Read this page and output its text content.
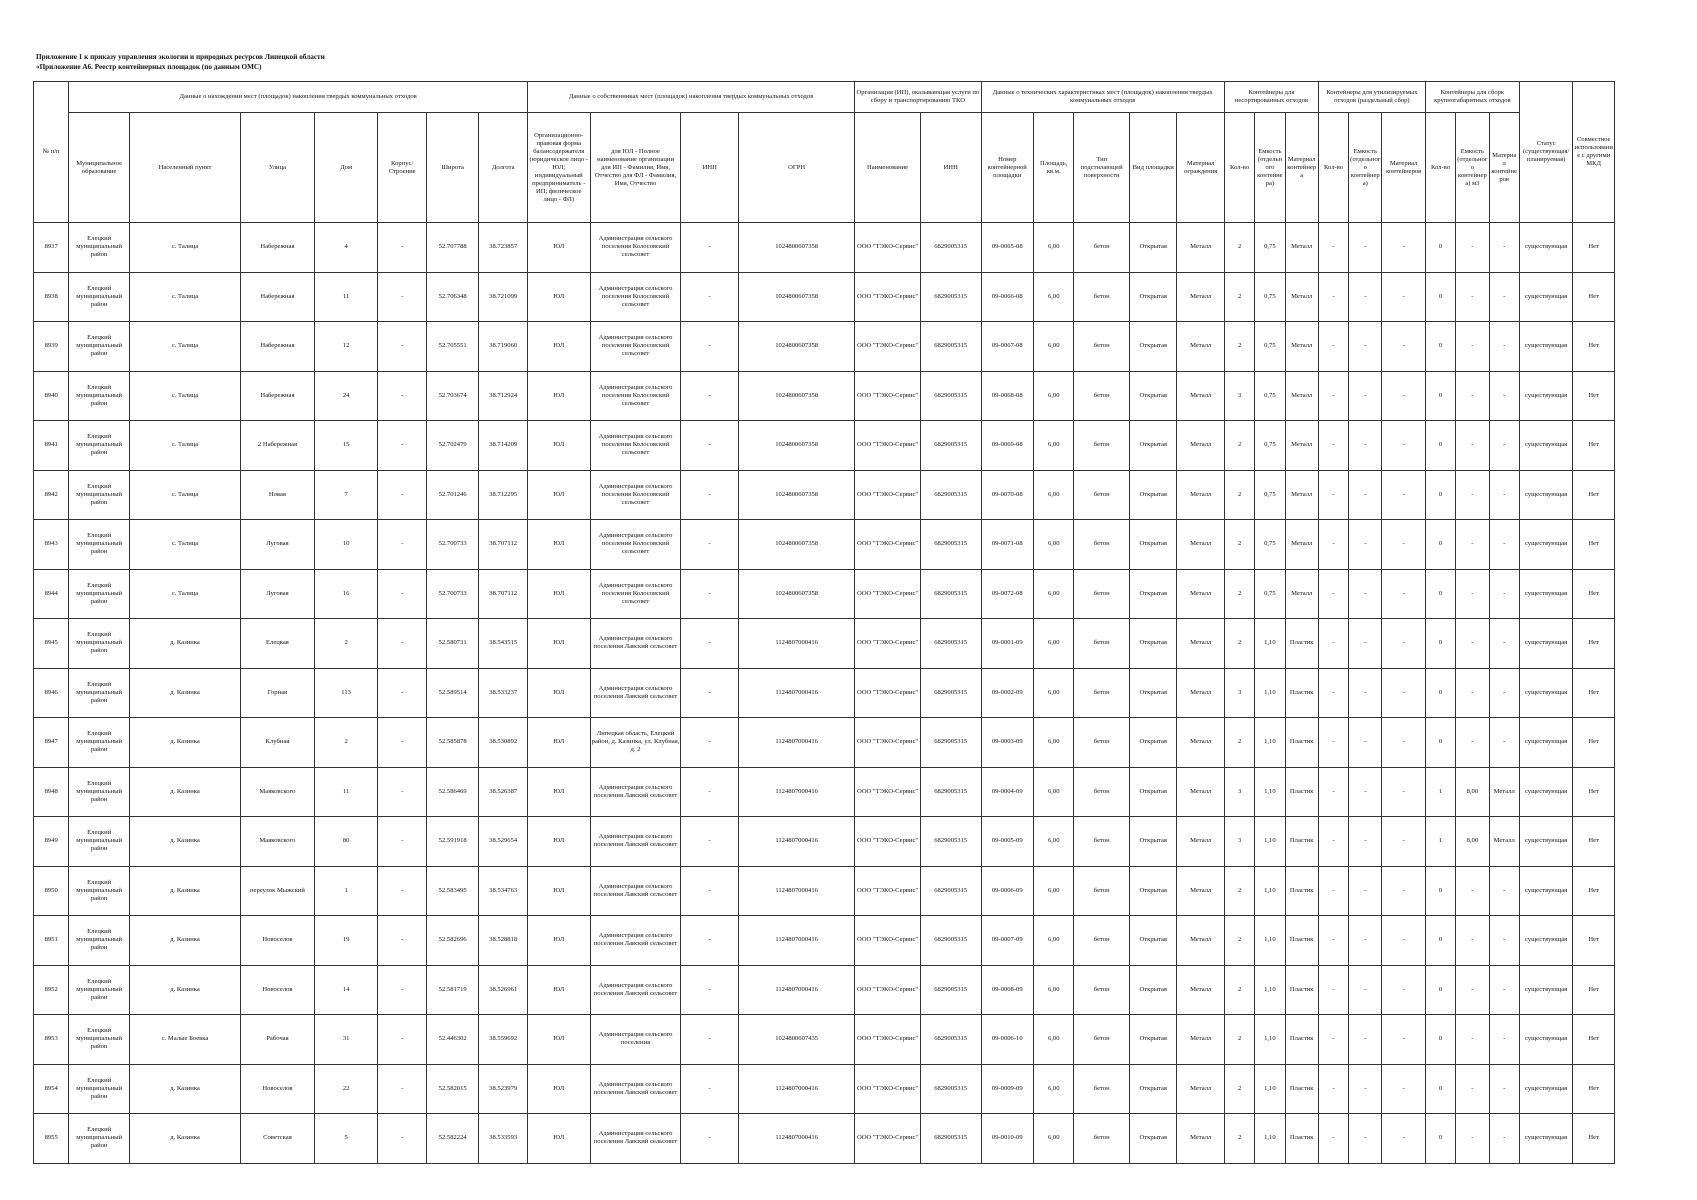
Приложение 1 к приказу управления экологии и природных ресурсов Липецкой области
«Приложение А6. Реестр контейнерных площадок (по данным ОМС)
№ п/п	Данные о нахождении мест (площадок) накопления твердых коммунальных отходов							Данные о собственниках мест (площадок) накопления твердых коммунальных отходов				Организация (ИП), оказывающая услуги по сбору и транспортированию ТКО		Данные о технических характеристиках мест (площадок) накопления твердых коммунальных отходов					Контейнеры для несортированных отходов			Контейнеры для утилизируемых отходов (раздельный сбор)			Контейнеры для сборк крупногабаритных отходов			Статус (существующая/ планируемая)	Совместное использование с другими МКД
	Муниципальное образование	Населенный пункт	Улица	Дом	Корпус/Строение	Широта	Долгота	Организационно-правовая форма балансодержателя (юридическое лицо - ЮЛ; индивидуальный предприниматель - ИП; физическое лицо - ФЛ)	для ЮЛ - Полное наименование организации для ИП - Фамилия, Имя, Отчество для ФЛ - Фамилия, Имя, Отчество	ИНН	ОГРН	Наименование	ИНН	Номер контейнерной площадки	Площадь, кв.м.	Тип подстилающей поверхности	Вид площадки	Материал ограждения	Кол-во	Емкость (отдельного контейнера)	Материал контейнера	Кол-во	Емкость (отдельного контейнера)	Материал контейнеров	Кол-во	Емкость (отдельного контейнера) м3	Материал контейнеров		
8937	Елецкий муниципальный район	с. Талица	Набережная	4	-	52.707788	38.723857	ЮЛ	Администрация сельского поселения Колосовский сельсовет	-	1024800607358	ООО "ТЭКО-Сервис"	6829005315	09-0065-08	6,00	бетон	Открытая	Металл	2	0,75	Металл	-	-	-	0	-	-	существующая	Нет
8938	Елецкий муниципальный район	с. Талица	Набережная	11	-	52.706348	38.721099	ЮЛ	Администрация сельского поселения Колосовский сельсовет	-	1024800607358	ООО "ТЭКО-Сервис"	6829005315	09-0066-08	6,00	бетон	Открытая	Металл	2	0,75	Металл	-	-	-	0	-	-	существующая	Нет
8939	Елецкий муниципальный район	с. Талица	Набережная	12	-	52.705551	38.719060	ЮЛ	Администрация сельского поселения Колосовский сельсовет	-	1024800607358	ООО "ТЭКО-Сервис"	6829005315	09-0067-08	6,00	бетон	Открытая	Металл	2	0,75	Металл	-	-	-	0	-	-	существующая	Нет
8940	Елецкий муниципальный район	с. Талица	Набережная	24	-	52.703674	38.712924	ЮЛ	Администрация сельского поселения Колосовский сельсовет	-	1024800607358	ООО "ТЭКО-Сервис"	6829005315	09-0068-08	6,00	бетон	Открытая	Металл	3	0,75	Металл	-	-	-	0	-	-	существующая	Нет
8941	Елецкий муниципальный район	с. Талица	2 Набережная	15	-	52.702479	38.714209	ЮЛ	Администрация сельского поселения Колосовский сельсовет	-	1024800607358	ООО "ТЭКО-Сервис"	6829005315	09-0069-08	6,00	бетон	Открытая	Металл	2	0,75	Металл	-	-	-	0	-	-	существующая	Нет
8942	Елецкий муниципальный район	с. Талица	Новая	7	-	52.701246	38.712295	ЮЛ	Администрация сельского поселения Колосовский сельсовет	-	1024800607358	ООО "ТЭКО-Сервис"	6829005315	09-0070-08	6,00	бетон	Открытая	Металл	2	0,75	Металл	-	-	-	0	-	-	существующая	Нет
8943	Елецкий муниципальный район	с. Талица	Луговая	10	-	52.700733	38.707112	ЮЛ	Администрация сельского поселения Колосовский сельсовет	-	1024800607358	ООО "ТЭКО-Сервис"	6829005315	09-0071-08	6,00	бетон	Открытая	Металл	2	0,75	Металл	-	-	-	0	-	-	существующая	Нет
8944	Елецкий муниципальный район	с. Талица	Луговая	16	-	52.700733	38.707112	ЮЛ	Администрация сельского поселения Колосовский сельсовет	-	1024800607358	ООО "ТЭКО-Сервис"	6829005315	09-0072-08	6,00	бетон	Открытая	Металл	2	0,75	Металл	-	-	-	0	-	-	существующая	Нет
8945	Елецкий муниципальный район	д. Казинка	Елецкая	2	-	52.580731	38.543515	ЮЛ	Администрация сельского поселения Лавский сельсовет	-	1124807000416	ООО "ТЭКО-Сервис"	6829005315	09-0001-09	6,00	бетон	Открытая	Металл	2	1,10	Пластик	-	-	-	0	-	-	существующая	Нет
8946	Елецкий муниципальный район	д. Казинка	Горная	113	-	52.589514	38.533237	ЮЛ	Администрация сельского поселения Лавский сельсовет	-	1124807000416	ООО "ТЭКО-Сервис"	6829005315	09-0002-09	6,00	бетон	Открытая	Металл	3	1,10	Пластик	-	-	-	0	-	-	существующая	Нет
8947	Елецкий муниципальный район	д. Казинка	Клубная	2	-	52.585878	38.530892	ЮЛ	Липецкая область, Елецкий район, д. Казинка, ул. Клубная, д. 2	-	1124807000416	ООО "ТЭКО-Сервис"	6829005315	09-0003-09	6,00	бетон	Открытая	Металл	2	1,10	Пластик	-	-	-	0	-	-	существующая	Нет
8948	Елецкий муниципальный район	д. Казинка	Маяковского	11	-	52.586469	38.526387	ЮЛ	Администрация сельского поселения Лавский сельсовет	-	1124807000416	ООО "ТЭКО-Сервис"	6829005315	09-0004-09	6,00	бетон	Открытая	Металл	3	1,10	Пластик	-	-	-	1	8,00	Металл	существующая	Нет
8949	Елецкий муниципальный район	д. Казинка	Маяковского	80	-	52.591918	38.529654	ЮЛ	Администрация сельского поселения Лавский сельсовет	-	1124807000416	ООО "ТЭКО-Сервис"	6829005315	09-0005-09	6,00	бетон	Открытая	Металл	3	1,10	Пластик	-	-	-	1	8,00	Металл	существующая	Нет
8950	Елецкий муниципальный район	д. Казинка	переулок Мыжский	1	-	52.583495	38.534763	ЮЛ	Администрация сельского поселения Лавский сельсовет	-	1124807000416	ООО "ТЭКО-Сервис"	6829005315	09-0006-09	6,00	бетон	Открытая	Металл	2	1,10	Пластик	-	-	-	0	-	-	существующая	Нет
8951	Елецкий муниципальный район	д. Казинка	Новоселов	19	-	52.582696	38.528818	ЮЛ	Администрация сельского поселения Лавский сельсовет	-	1124807000416	ООО "ТЭКО-Сервис"	6829005315	09-0007-09	6,00	бетон	Открытая	Металл	2	1,10	Пластик	-	-	-	0	-	-	существующая	Нет
8952	Елецкий муниципальный район	д. Казинка	Новоселов	14	-	52.581719	38.526961	ЮЛ	Администрация сельского поселения Лавский сельсовет	-	1124807000416	ООО "ТЭКО-Сервис"	6829005315	09-0008-09	6,00	бетон	Открытая	Металл	2	1,10	Пластик	-	-	-	0	-	-	существующая	Нет
8953	Елецкий муниципальный район	с. Малые Боевка	Рабочая	31	-	52.446302	38.559692	ЮЛ	Администрация сельского поселения	-	1024800607435	ООО "ТЭКО-Сервис"	6829005315	09-0006-10	6,00	бетон	Открытая	Металл	2	1,10	Пластик	-	-	-	0	-	-	существующая	Нет
8954	Елецкий муниципальный район	д. Казинка	Новоселов	22	-	52.582015	38.523979	ЮЛ	Администрация сельского поселения Лавский сельсовет	-	1124807000416	ООО "ТЭКО-Сервис"	6829005315	09-0009-09	6,00	бетон	Открытая	Металл	2	1,10	Пластик	-	-	-	0	-	-	существующая	Нет
8955	Елецкий муниципальный район	д. Казинка	Советская	5	-	52.582224	38.533593	ЮЛ	Администрация сельского поселения Лавский сельсовет	-	1124807000416	ООО "ТЭКО-Сервис"	6829005315	09-0010-09	6,00	бетон	Открытая	Металл	2	1,10	Пластик	-	-	-	0	-	-	существующая	Нет
